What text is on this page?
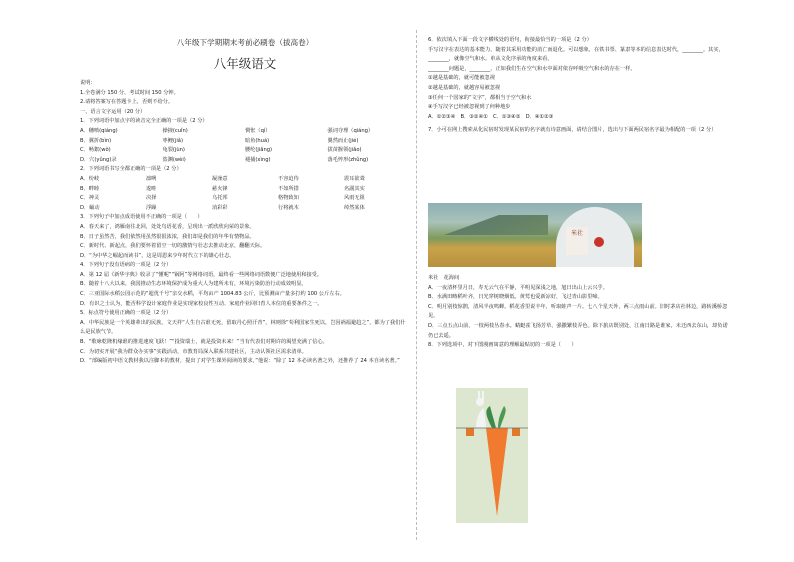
八年级下学期期末考前必刷卷（拔高卷）
八年级语文
说明：
1.全卷满分 150 分，考试时间 150 分钟。
2.请将答案写在答题卡上，否则不给分。
一、语言文字运用（20 分）
1．下列词语中加点字的读音完全正确的一项是（2 分）
A．穗喷(qiáng)	操掖(cuǐn)	惆怅（qí）	强词夺理（qiáng）
B．翼折(bìn)	枣鲤(jiǎ)	暗鱼(huá)	翼然而止(jié)
C．畅絮(wǒ)	龟裂(jùn)	腰纶(jiǎng)	拔苗揠领(jiǎo)
D．穴(yǔng)录	盗渊(wèi)	褪捕(xìng)	落毛悴形(zhǔng)
2．下列词语书写全都正确的一项是（2 分）
A．纷岐	凛咧	凝澡意	不容迫待	震耳欲聋
B．畔睦	逡畦	慈火锋	不如所措	名副其实
C．神灵	决择	乌托邦	格物致知	风雨无阻
D．蛹动	浮躁	消彩彩	行将就木	绰然某体
3．下列句子中加点成语使用不正确的一项是（　　）
A．春天来了，鸿雁南往北回，处处鸟语花香，呈现出一派欣欣向荣的景象。
B．日子虽然苦，我们依然用虽然很很浓浓，我们却是我们的年华有情物品。
C．新时代、新起点，我们要怀着留空一切的激情与壮志去推动北京，翻翻天际。
D．“为中华之崛起而读书”，这是周恩来少年时代立下的雄心壮志。
4．下列句子没有语病的一项是（2 分）
A．第 12 届《新华字典》收录了“懂呢”“锅阿”等网络词语，最终看一些网络词语数便广泛地使用和接受。
B．随着十八大以来，我国推动生态环境保护成为重大人为建所未有，环境污染防治行动成效明显。
C．三亚国际水稻公园示范的“超优千号”亲交水稻，平均亩产 1004.83 公斤，比预测亩产量多打约 100 公斤左右。
D．有识之士认为，能否科学设计家庭作业是实现家校良性互动、家庭作业回归育人本位的重要条件之一。
5．标点符号使用正确的一项是（2 分）
A．中华民族是一个英雄辈出的民族。文天祥“人生自古谁无死，留取丹心照汗青”，林则徐“苟利国家生死以，岂因祸福避趋之”，都为了我们什么是民族气节。
B．“歌咏乾隆机缘谁的推进速度飞跃！”“投资瑞士，就是投资未来！”当有代表们对期许的渴望充满了信心。
C．为切实开展“我为群众办实事”实践活动，市教育局深入联系共建社区，主动认领社区需求清单。
D．“部编版初中语文教材我以注脚本的教材，提出了对学生课外阅读的要求，”他说：“除了 12 本必读名著之外，还推荐了 24 本自读名著。”
6．依次填入下面一段文字横线处的语句，衔接最恰当的一项是（2 分）
手写汉字在表达的基本能力，随着其采用功能的消亡而退化。可以想象，在铁书票、篆隶等本的信息表达时代，________。其实，________，就像空气和水。单从文化序承的角度来看，
________问题是，________，正如我们生在空气和水中面对依存呼吸空气和水的存在一样。
①越是基础的，就可能被忽视
②越是基础的，就越容易被忽视
③任何一个国家的“文字”，都相当于空气和水
④手写汉字已经被忽视到了何种地步
A．①②③④　B．③②④①　C．①③④②　D．④①②③
7．小可在网上搜索从化民宿时发现某民宿的名字就有诗意画面，请结合图片，选出与下面两民宿名字最为相配的一项（2 分）
米社
米社　花海间
A．一夜清杯里月日，寿无云气在平静，平明见深浅之地，旭日出山上云兴乎。
B．水满田畴稻叶齐，日光穿树晓烟低。黄莺也爱新凉好，飞过青山影里啼。
C．明月别枝惊鹊，清风半夜鸣蝉。稻花香里说丰年，听取蛙声一片。七八个星天外，两三点雨山前。旧时茅店社林边，路转溪桥忽见。
D．三点五点山前，一枝两枝丛春水。蜻蜓雀飞扬芳草，强撒繁枝弄色。除下旅店既别处，江南日路是谁家，未迁西去东山，却负诺仍已去遥。
8．下列选项中，对下图漫画寓意的理解最贴切的一项是（　　）
